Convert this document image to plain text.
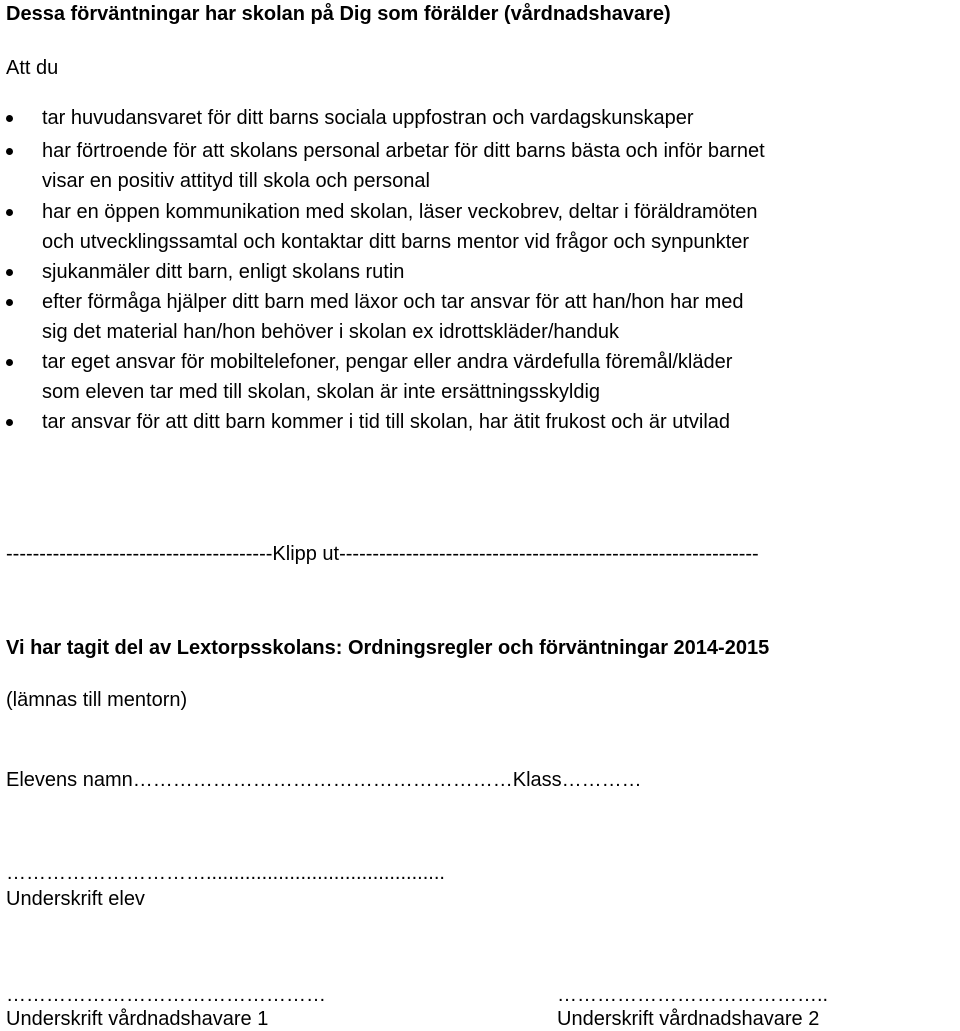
Dessa förväntningar har skolan på Dig som förälder (vårdnadshavare)
Att du
tar huvudansvaret för ditt barns sociala uppfostran och vardagskunskaper
har förtroende för att skolans personal arbetar för ditt barns bästa och inför barnet
visar en positiv attityd till skola och personal
har en öppen kommunikation med skolan, läser veckobrev, deltar i föräldramöten
och utvecklingssamtal och kontaktar ditt barns mentor vid frågor och synpunkter
sjukanmäler ditt barn, enligt skolans rutin
efter förmåga hjälper ditt barn med läxor och tar ansvar för att han/hon har med
sig det material han/hon behöver i skolan ex idrottskläder/handuk
tar eget ansvar för mobiltelefoner, pengar eller andra värdefulla föremål/kläder
som eleven tar med till skolan, skolan är inte ersättningsskyldig
tar ansvar för att ditt barn kommer i tid till skolan, har ätit frukost och är utvilad
----------------------------------------Klipp ut---------------------------------------------------------------
Vi har tagit del av Lextorpsskolans: Ordningsregler och förväntningar 2014-2015
(lämnas till mentorn)
Elevens namn…………………………………………………Klass…………
…………………………...........................................
Underskrift elev
…………………………………………
Underskrift vårdnadshavare 1
…………………………………..
Underskrift vårdnadshavare 2
